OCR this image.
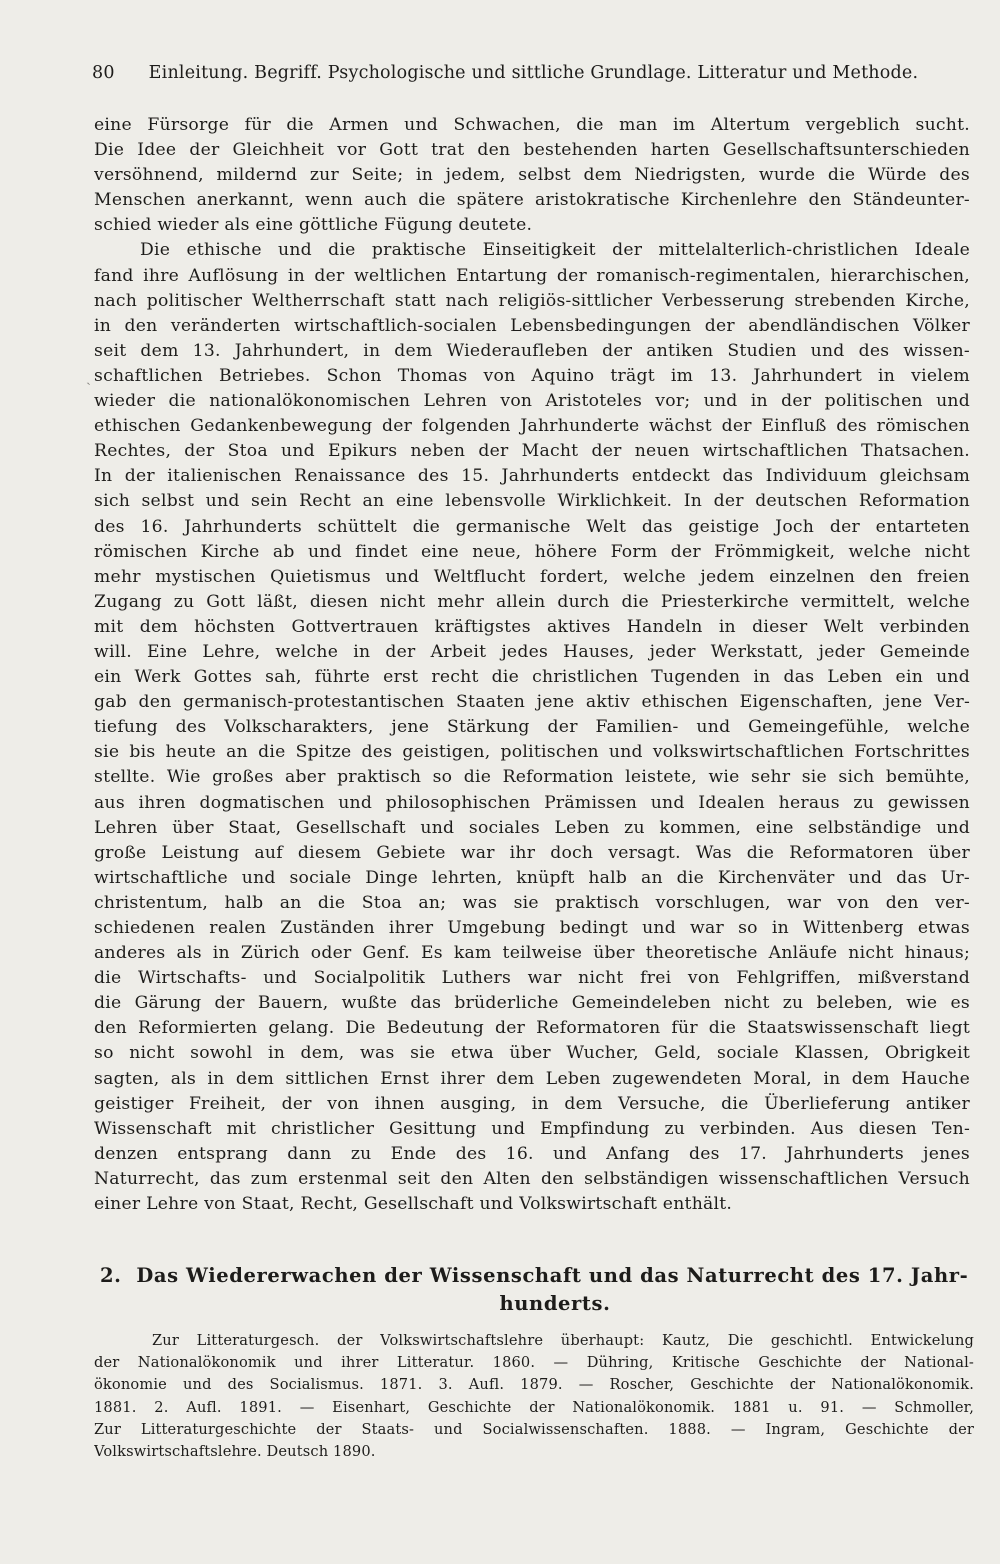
80 Einleitung. Begriff. Psychologische und sittliche Grundlage. Litteratur und Methode.
ˏ
eine Fürsorge für die Armen und Schwachen, die man im Altertum vergeblich sucht.
Die Idee der Gleichheit vor Gott trat den bestehenden harten Gesellschaftsunterschieden
versöhnend, mildernd zur Seite; in jedem, selbst dem Niedrigsten, wurde die Würde des
Menschen anerkannt, wenn auch die spätere aristokratische Kirchenlehre den Ständeunter-
schied wieder als eine göttliche Fügung deutete.
Die ethische und die praktische Einseitigkeit der mittelalterlich-christlichen Ideale
fand ihre Auflösung in der weltlichen Entartung der romanisch-regimentalen, hierarchischen,
nach politischer Weltherrschaft statt nach religiös-sittlicher Verbesserung strebenden Kirche,
in den veränderten wirtschaftlich-socialen Lebensbedingungen der abendländischen Völker
seit dem 13. Jahrhundert, in dem Wiederaufleben der antiken Studien und des wissen-
schaftlichen Betriebes. Schon Thomas von Aquino trägt im 13. Jahrhundert in vielem
wieder die nationalökonomischen Lehren von Aristoteles vor; und in der politischen und
ethischen Gedankenbewegung der folgenden Jahrhunderte wächst der Einfluß des römischen
Rechtes, der Stoa und Epikurs neben der Macht der neuen wirtschaftlichen Thatsachen.
In der italienischen Renaissance des 15. Jahrhunderts entdeckt das Individuum gleichsam
sich selbst und sein Recht an eine lebensvolle Wirklichkeit. In der deutschen Reformation
des 16. Jahrhunderts schüttelt die germanische Welt das geistige Joch der entarteten
römischen Kirche ab und findet eine neue, höhere Form der Frömmigkeit, welche nicht
mehr mystischen Quietismus und Weltflucht fordert, welche jedem einzelnen den freien
Zugang zu Gott läßt, diesen nicht mehr allein durch die Priesterkirche vermittelt, welche
mit dem höchsten Gottvertrauen kräftigstes aktives Handeln in dieser Welt verbinden
will. Eine Lehre, welche in der Arbeit jedes Hauses, jeder Werkstatt, jeder Gemeinde
ein Werk Gottes sah, führte erst recht die christlichen Tugenden in das Leben ein und
gab den germanisch-protestantischen Staaten jene aktiv ethischen Eigenschaften, jene Ver-
tiefung des Volkscharakters, jene Stärkung der Familien- und Gemeingefühle, welche
sie bis heute an die Spitze des geistigen, politischen und volkswirtschaftlichen Fortschrittes
stellte. Wie großes aber praktisch so die Reformation leistete, wie sehr sie sich bemühte,
aus ihren dogmatischen und philosophischen Prämissen und Idealen heraus zu gewissen
Lehren über Staat, Gesellschaft und sociales Leben zu kommen, eine selbständige und
große Leistung auf diesem Gebiete war ihr doch versagt. Was die Reformatoren über
wirtschaftliche und sociale Dinge lehrten, knüpft halb an die Kirchenväter und das Ur-
christentum, halb an die Stoa an; was sie praktisch vorschlugen, war von den ver-
schiedenen realen Zuständen ihrer Umgebung bedingt und war so in Wittenberg etwas
anderes als in Zürich oder Genf. Es kam teilweise über theoretische Anläufe nicht hinaus;
die Wirtschafts- und Socialpolitik Luthers war nicht frei von Fehlgriffen, mißverstand
die Gärung der Bauern, wußte das brüderliche Gemeindeleben nicht zu beleben, wie es
den Reformierten gelang. Die Bedeutung der Reformatoren für die Staatswissenschaft liegt
so nicht sowohl in dem, was sie etwa über Wucher, Geld, sociale Klassen, Obrigkeit
sagten, als in dem sittlichen Ernst ihrer dem Leben zugewendeten Moral, in dem Hauche
geistiger Freiheit, der von ihnen ausging, in dem Versuche, die Überlieferung antiker
Wissenschaft mit christlicher Gesittung und Empfindung zu verbinden. Aus diesen Ten-
denzen entsprang dann zu Ende des 16. und Anfang des 17. Jahrhunderts jenes
Naturrecht, das zum erstenmal seit den Alten den selbständigen wissenschaftlichen Versuch
einer Lehre von Staat, Recht, Gesellschaft und Volkswirtschaft enthält.
2. Das Wiedererwachen der Wissenschaft und das Naturrecht des 17. Jahr-
hunderts.
Zur Litteraturgesch. der Volkswirtschaftslehre überhaupt: Kautz, Die geschichtl. Entwickelung
der Nationalökonomik und ihrer Litteratur. 1860. — Dühring, Kritische Geschichte der National-
ökonomie und des Socialismus. 1871. 3. Aufl. 1879. — Roscher, Geschichte der Nationalökonomik.
1881. 2. Aufl. 1891. — Eisenhart, Geschichte der Nationalökonomik. 1881 u. 91. — Schmoller,
Zur Litteraturgeschichte der Staats- und Socialwissenschaften. 1888. — Ingram, Geschichte der
Volkswirtschaftslehre. Deutsch 1890.
